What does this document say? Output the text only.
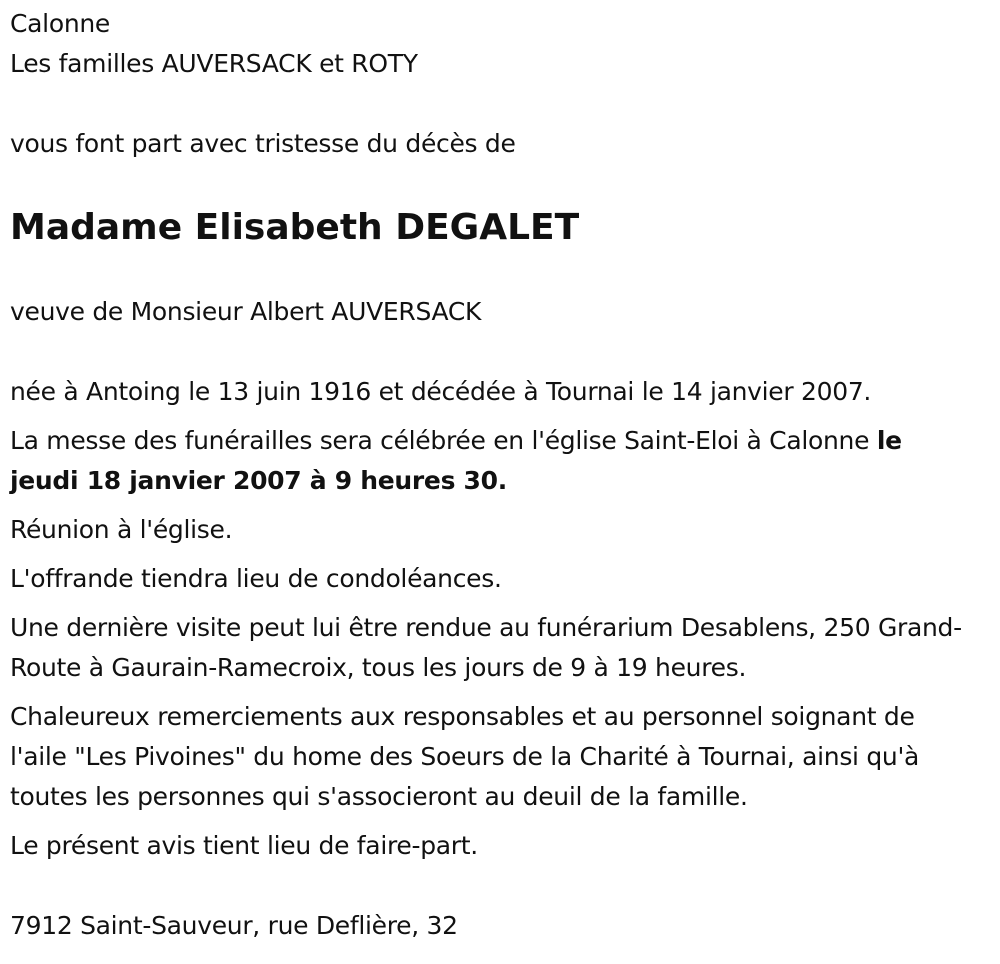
Calonne

Les familles AUVERSACK et ROTY

vous font part avec tristesse du décès de

Madame Elisabeth DEGALET

veuve de Monsieur Albert AUVERSACK

née à Antoing le 13 juin 1916 et décédée à Tournai le 14 janvier 2007.

La messe des funérailles sera célébrée en l'église Saint-Eloi à Calonne le jeudi 18 janvier 2007 à 9 heures 30.

Réunion à l'église.

L'offrande tiendra lieu de condoléances.

Une dernière visite peut lui être rendue au funérarium Desablens, 250 Grand-Route à Gaurain-Ramecroix, tous les jours de 9 à 19 heures.

Chaleureux remerciements aux responsables et au personnel soignant de l'aile "Les Pivoines" du home des Soeurs de la Charité à Tournai, ainsi qu'à toutes les personnes qui s'associeront au deuil de la famille.

Le présent avis tient lieu de faire-part.

7912 Saint-Sauveur, rue Deflière, 32
